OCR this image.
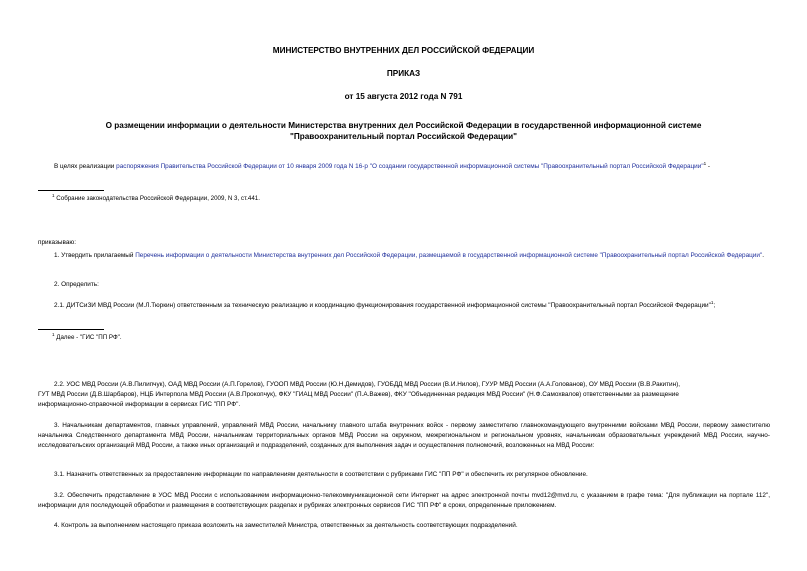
МИНИСТЕРСТВО ВНУТРЕННИХ ДЕЛ РОССИЙСКОЙ ФЕДЕРАЦИИ
ПРИКАЗ
от 15 августа 2012 года N 791
О размещении информации о деятельности Министерства внутренних дел Российской Федерации в государственной информационной системе
"Правоохранительный портал Российской Федерации"
В целях реализации распоряжения Правительства Российской Федерации от 10 января 2009 года N 16-р "О создании государственной информационной системы "Правоохранительный портал Российской Федерации"$^1$ -
$^1$ Собрание законодательства Российской Федерации, 2009, N 3, ст.441.
приказываю:
1. Утвердить прилагаемый Перечень информации о деятельности Министерства внутренних дел Российской Федерации, размещаемой в государственной информационной системе "Правоохранительный портал Российской Федерации".
2. Определить:
2.1. ДИТСиЗИ МВД России (М.Л.Тюркин) ответственным за техническую реализацию и координацию функционирования государственной информационной системы "Правоохранительный портал Российской Федерации"$^1$;
$^1$ Далее - "ГИС "ПП РФ".
2.2. УОС МВД России (А.В.Пилипчук), ОАД МВД России (А.П.Горелов), ГУООП МВД России (Ю.Н.Демидов), ГУОБДД МВД России (В.И.Нилов), ГУУР МВД России (А.А.Голованов), ОУ МВД России (В.В.Ракитин),
ГУТ МВД России (Д.В.Шарбаров), НЦБ Интерпола МВД России (А.В.Прокопчук), ФКУ "ГИАЦ МВД России" (П.А.Важев), ФКУ "Объединенная редакция МВД России" (Н.Ф.Самохвалов) ответственными за размещение
информационно-справочной информации в сервисах ГИС "ПП РФ".
3. Начальникам департаментов, главных управлений, управлений МВД России, начальнику главного штаба внутренних войск - первому заместителю главнокомандующего внутренними войсками МВД России, первому заместителю начальника Следственного департамента МВД России, начальникам территориальных органов МВД России на окружном, межрегиональном и региональном уровнях, начальникам образовательных учреждений МВД России, научно-исследовательских организаций МВД России, а также иных организаций и подразделений, созданных для выполнения задач и осуществления полномочий, возложенных на МВД России:
3.1. Назначить ответственных за предоставление информации по направлениям деятельности в соответствии с рубриками ГИС "ПП РФ" и обеспечить их регулярное обновление.
3.2. Обеспечить представление в УОС МВД России с использованием информационно-телекоммуникационной сети Интернет на адрес электронной почты mvd12@mvd.ru, с указанием в графе тема: "Для публикации на портале 112", информации для последующей обработки и размещения в соответствующих разделах и рубриках электронных сервисов ГИС "ПП РФ" в сроки, определенные приложением.
4. Контроль за выполнением настоящего приказа возложить на заместителей Министра, ответственных за деятельность соответствующих подразделений.
